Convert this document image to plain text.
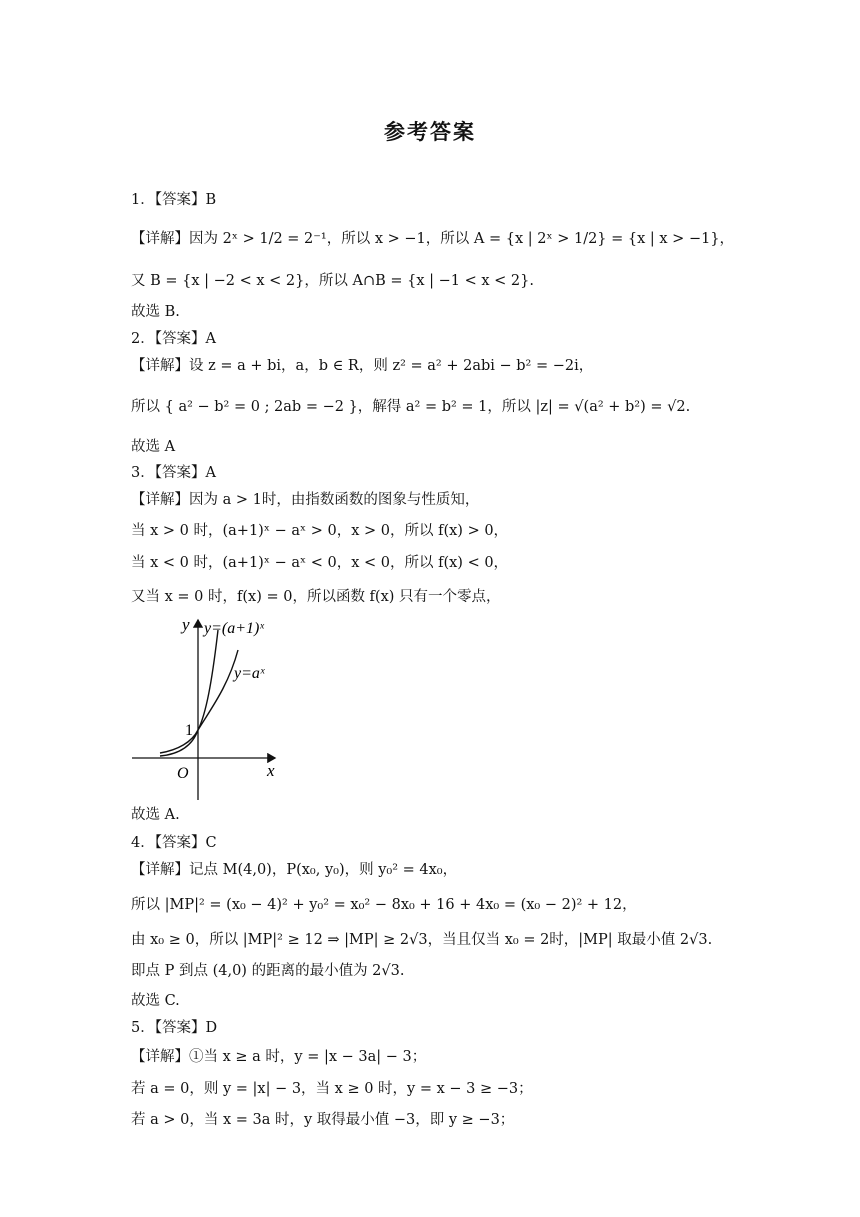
参考答案
1．【答案】B
【详解】因为 2ˣ > 1/2 = 2⁻¹，所以 x > −1，所以 A = {x | 2ˣ > 1/2} = {x | x > −1}，
又 B = {x | −2 < x < 2}，所以 A∩B = {x | −1 < x < 2}.
故选 B.
2．【答案】A
【详解】设 z = a + bi，a，b ∈ R，则 z² = a² + 2abi − b² = −2i，
所以 { a² − b² = 0 ; 2ab = −2 }，解得 a² = b² = 1，所以 |z| = √(a² + b²) = √2.
故选 A
3．【答案】A
【详解】因为 a > 1时，由指数函数的图象与性质知，
当 x > 0 时，(a+1)ˣ − aˣ > 0，x > 0，所以 f(x) > 0，
当 x < 0 时，(a+1)ˣ − aˣ < 0，x < 0，所以 f(x) < 0，
又当 x = 0 时，f(x) = 0，所以函数 f(x) 只有一个零点，
y y=(a+1)ˣ
y=aˣ
1
O	x
故选 A.
4．【答案】C
【详解】记点 M(4,0)，P(x₀, y₀)，则 y₀² = 4x₀，
所以 |MP|² = (x₀ − 4)² + y₀² = x₀² − 8x₀ + 16 + 4x₀ = (x₀ − 2)² + 12，
由 x₀ ≥ 0，所以 |MP|² ≥ 12 ⇒ |MP| ≥ 2√3，当且仅当 x₀ = 2时，|MP| 取最小值 2√3.
即点 P 到点 (4,0) 的距离的最小值为 2√3.
故选 C.
5．【答案】D
【详解】①当 x ≥ a 时，y = |x − 3a| − 3；
若 a = 0，则 y = |x| − 3，当 x ≥ 0 时，y = x − 3 ≥ −3；
若 a > 0，当 x = 3a 时，y 取得最小值 −3，即 y ≥ −3；
